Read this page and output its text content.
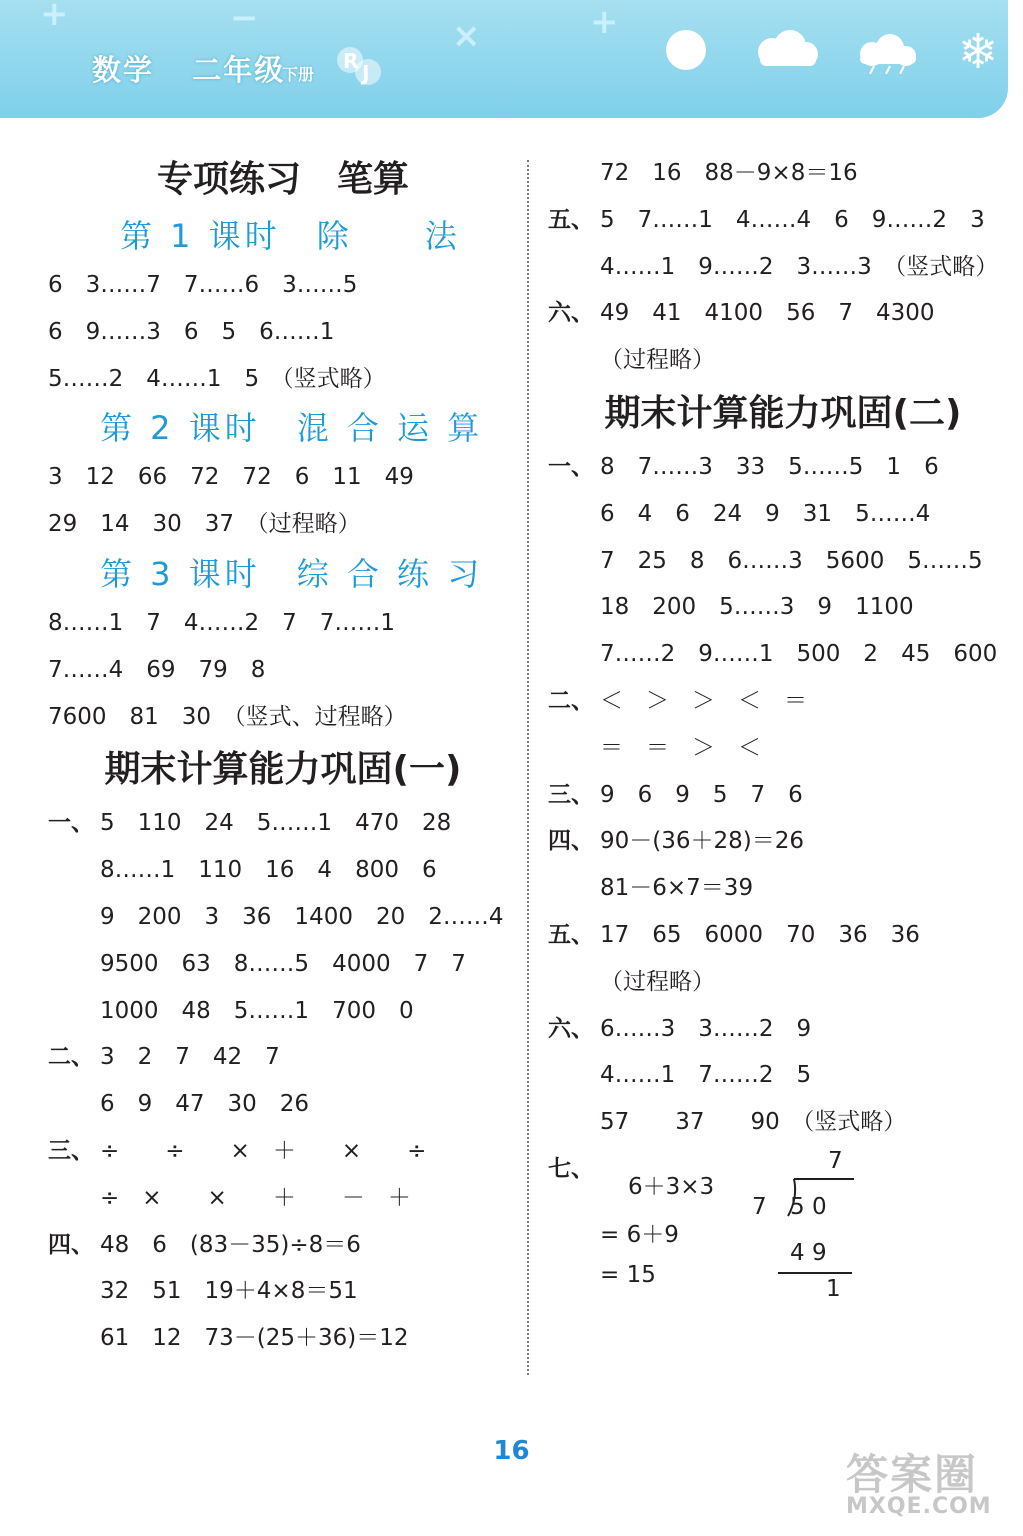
+	−	×	+
数学 二年级
下册
R J	❄

专项练习　笔算

第 1 课时　除　　法

6　3……7　7……6　3……5

6　9……3　6　5　6……1

5……2　4……1　5　（竖式略）

第 2 课时　混 合 运 算

3　12　66　72　72　6　11　49

29　14　30　37　（过程略）

第 3 课时　综 合 练 习

8……1　7　4……2　7　7……1

7……4　69　79　8

7600　81　30　（竖式、过程略）

期末计算能力巩固(一)

一、 5　110　24　5……1　470　28

8……1　110　16　4　800　6

9　200　3　36　1400　20　2……4

9500　63　8……5　4000　7　7

1000　48　5……1　700　0

二、 3　2　7　42　7

6　9　47　30　26

三、 ÷　　÷　　×　＋　　×　　÷

÷　×　　×　　＋　　－　＋

四、 48　6　(83－35)÷8＝6

32　51　19＋4×8＝51

61　12　73－(25＋36)＝12

72　16　88－9×8＝16

五、 5　7……1　4……4　6　9……2　3

4……1　9……2　3……3　（竖式略）

六、 49　41　4100　56　7　4300

（过程略）

期末计算能力巩固(二)

一、 8　7……3　33　5……5　1　6

6　4　6　24　9　31　5……4

7　25　8　6……3　5600　5……5

18　200　5……3　9　1100

7……2　9……1　500　2　45　600

二、 ＜　＞　＞　＜　＝

＝　＝　＞　＜

三、 9　6　9　5　7　6

四、 90－(36＋28)＝26

81－6×7＝39

五、 17　65　6000　70　36　36

（过程略）

六、 6……3　3……2　9

4……1　7……2　5

57　　37　　90　（竖式略）

七、
6＋3×3
= 6＋9
= 15
7
7 5 0
4 9
1
16	答案圈
MXQE.COM
